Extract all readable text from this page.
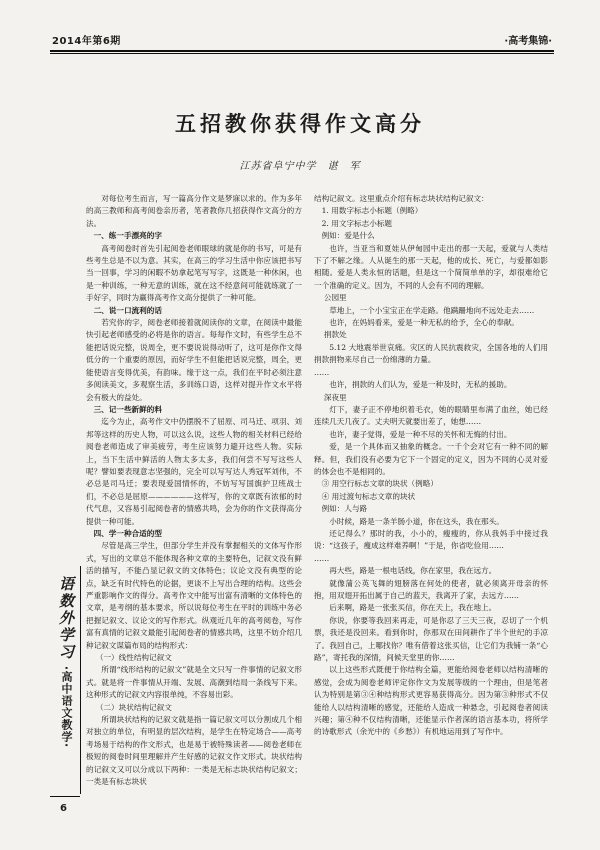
2014年第6期	·高考集锦·
五招教你获得作文高分
江苏省阜宁中学　谌　军

对每位考生而言，写一篇高分作文是梦寐以求的。作为多年的高三教师和高考阅卷亲历者，笔者教你几招获得作文高分的方法。

一、练一手漂亮的字

高考阅卷时首先引起阅卷老师眼球的就是你的书写，可是有些考生总是不以为意。其实，在高三的学习生活中你应该把书写当一回事，学习的闲暇不妨拿起笔写写字，这既是一种休闲，也是一种训练，一种无意的训练，就在这不经意间可能就练就了一手好字，同时为赢得高考作文高分提供了一种可能。

二、说一口流利的话

若究你的字，阅卷老师接着就阅读你的文章，在阅读中最能快引起老师感受的必将是你的语言。每每作文时，有些学生总不能把话说完整，说周全，更不要说说得动听了，这可是你作文得低分的一个重要的原因，而好学生不但能把话说完整，周全，更能使语言变得优美，有韵味。缘于这一点，我们在平时必须注意多阅读美文，多观察生活，多训练口语，这样对提升作文水平将会有极大的益处。

三、记一些新鲜的料

迄今为止，高考作文中仍摆脱不了屈原、司马迁、项羽、刘邦等这样的历史人物，可以这么说，这些人物的相关材料已经给阅卷老师造成了审美疲劳，考生应该努力避开这些人物。实际上，当下生活中鲜活的人物太多太多，我们何尝不写写这些人呢？譬如要表现意志坚强的，完全可以写写达人秀冠军刘伟，不必总是司马迁；要表现爱国情怀的，不妨写写国旗护卫班战士们，不必总是屈原——————这样写，你的文章既有浓郁的时代气息，又容易引起阅卷者的情感共鸣，会为你的作文获得高分提供一种可能。

四、学一种合适的型

尽管是高三学生，但部分学生并没有掌握相关的文体写作形式，写出的文章总不能体现各种文章的主要特色，记叙文没有鲜活的描写，不能凸显记叙文的文体特色；议论文没有典型的论点，缺乏有时代特色的论据，更谈不上写出合理的结构。这些会严重影响作文的得分。高考作文中能写出富有清晰的文体特色的文章，是考纲的基本要求，所以说每位考生在平时的训练中务必把握记叙文、议论文的写作形式。纵观近几年的高考阅卷，写作富有真情的记叙文最能引起阅卷者的情感共鸣，这里不妨介绍几种记叙文谋篇布局的结构形式：

（一）线性结构记叙文

所谓“线形结构的记叙文”就是全文只写一件事情的记叙文形式。就是将一件事情从开端、发展、高潮到结局一条线写下来。这种形式的记叙文内容很单纯，不容易出彩。

（二）块状结构记叙文

所谓块状结构的记叙文就是指一篇记叙文可以分割成几个相对独立的单位，有明显的层次结构，是学生在特定场合——高考考场易于结构的作文形式，也是易于被特殊读者——阅卷老师在极短的阅卷时间里理解并产生好感的记叙文作文形式。块状结构的记叙文又可以分成以下两种：一类是无标志块状结构记叙文；一类是有标志块状

结构记叙文。这里重点介绍有标志块状结构记叙文：

1. 用数字标志小标题（例略）

2. 用文字标志小标题

例如：爱是什么

也许，当亚当和夏娃从伊甸园中走出的那一天起，爱就与人类结下了不解之缘。人从诞生的那一天起，他的成长、死亡，与爱都如影相随。爱是人类永恒的话题，但是这一个简简单单的字，却很难给它一个准确的定义。因为，不同的人会有不同的理解。

公园里

草地上，一个小宝宝正在学走路。他蹒跚地向不远处走去……

也许，在妈妈看来，爱是一种无私的给予，全心的奉献。

捐款处

5.12 大地震举世哀痛。灾区的人民抗震救灾，全国各地的人们用捐款捐物来尽自己一份绵薄的力量。

……

也许，捐款的人们认为，爱是一种及时，无私的援助。

深夜里

灯下，妻子正不停地织着毛衣，她的眼睛里布满了血丝，她已经连续几天几夜了。丈夫明天就要出差了，她想……

也许，妻子觉得，爱是一种不尽的关怀和无悔的付出。

爱，是一个具体而又抽象的概念。一千个会对它有一种不同的解释。但，我们没有必要为它下一个固定的定义，因为不同的心灵对爱的体会也不是相同的。

③ 用空行标志文章的块状（例略）

④ 用过渡句标志文章的块状

例如：人与路

小时候，路是一条羊肠小道，你在这头，我在那头。

还记得么？那时的我，小小的，瘦瘦的，你从我妈手中接过我说：“这孩子，瘦成这样难养啊！”于是，你省吃俭用……

……

再大些，路是一根电话线，你在家里，我在远方。

就像蒲公英飞舞的翅膀落在何处的使者，就必须离开母亲的怀抱，用双翅开拓出属于自己的蓝天，我离开了家，去远方……

后来啊，路是一张张买信，你在天上，我在地上。

你说，你要等我回来再走，可是你忍了三天三夜，忍切了一个机票，我还是没回来。看到你时，你那双在田间耕作了半个世纪的手凉了。我回自己，上哪找你？唯有借着这张买信，让它们为我铺一条“心路”，寄托我的深情，间候天堂里的你……

以上这些形式既便于你结构全篇，更能给阅卷老师以结构清晰的感觉，会成为阅卷老师评定你作文为发展等级的一个理由，但是笔者认为特别是第③④种结构形式更容易获得高分。因为第③种形式不仅能给人以结构清晰的感觉，还能给人造成一种悬念，引起阅卷者阅读兴趣；第④种不仅结构清晰，还能显示作者深的语言基本功，将所学的诗歌形式（余光中的《乡愁》）有机地运用到了写作中。

语数外学习 ·高中语文教学·
6
